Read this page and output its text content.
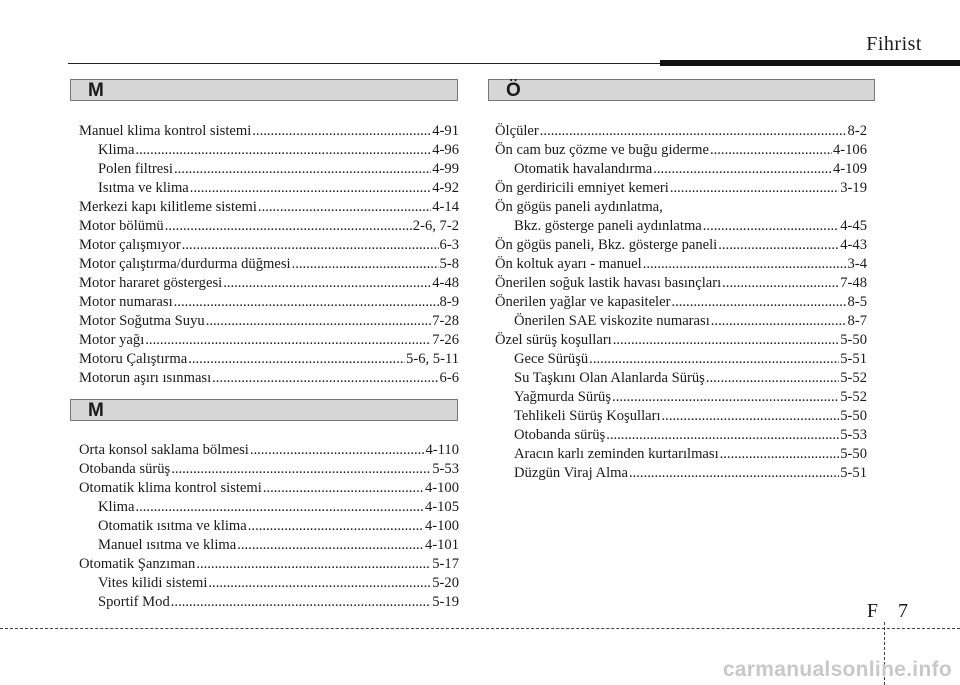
Fihrist
M
Manuel klima kontrol sistemi .....	4-91
Klima .....	4-96
Polen filtresi .....	4-99
Isıtma ve klima .....	4-92
Merkezi kapı kilitleme sistemi .....	4-14
Motor bölümü .....	2-6, 7-2
Motor çalışmıyor .....	6-3
Motor çalıştırma/durdurma düğmesi .....	5-8
Motor hararet göstergesi .....	4-48
Motor numarası .....	8-9
Motor Soğutma Suyu .....	7-28
Motor yağı .....	7-26
Motoru Çalıştırma .....	5-6, 5-11
Motorun aşırı ısınması .....	6-6
M
Orta konsol saklama bölmesi .....	4-110
Otobanda sürüş .....	5-53
Otomatik klima kontrol sistemi .....	4-100
Klima .....	4-105
Otomatik ısıtma ve klima .....	4-100
Manuel ısıtma ve klima .....	4-101
Otomatik Şanzıman .....	5-17
Vites kilidi sistemi .....	5-20
Sportif Mod .....	5-19
Ö
Ölçüler .....	8-2
Ön cam buz çözme ve buğu giderme .....	4-106
Otomatik havalandırma .....	4-109
Ön gerdiricili emniyet kemeri .....	3-19
Ön gögüs paneli aydınlatma,
Bkz. gösterge paneli aydınlatma .....	4-45
Ön gögüs paneli, Bkz. gösterge paneli .....	4-43
Ön koltuk ayarı - manuel .....	3-4
Önerilen soğuk lastik havası basınçları .....	7-48
Önerilen yağlar ve kapasiteler .....	8-5
Önerilen SAE viskozite numarası .....	8-7
Özel sürüş koşulları .....	5-50
Gece Sürüşü .....	5-51
Su Taşkını Olan Alanlarda Sürüş .....	5-52
Yağmurda Sürüş .....	5-52
Tehlikeli Sürüş Koşulları .....	5-50
Otobanda sürüş .....	5-53
Aracın karlı zeminden kurtarılması .....	5-50
Düzgün Viraj Alma .....	5-51
F 7
carmanualsonline.info
